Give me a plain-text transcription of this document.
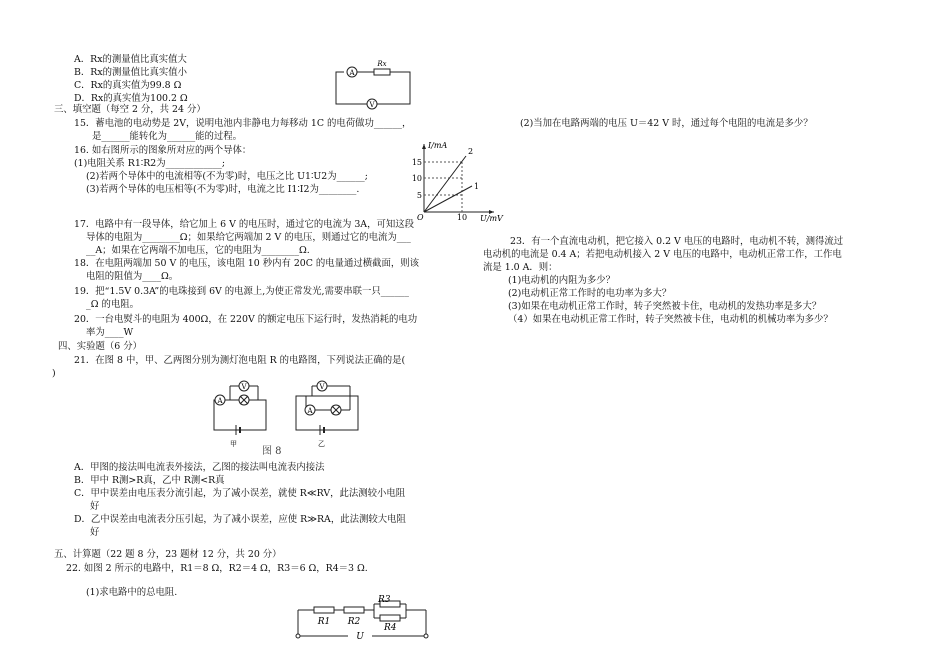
A．Rx的测量值比真实值大
B．Rx的测量值比真实值小
C．Rx的真实值为99.8 Ω
D．Rx的真实值为100.2 Ω
A
Rx
V
三、填空题（每空 2 分，共 24 分）
15．蓄电池的电动势是 2V，说明电池内非静电力每移动 1C 的电荷做功______，
是______能转化为______能的过程。
16. 如右图所示的图象所对应的两个导体：
(1)电阻关系 R1∶R2为____________;
(2)若两个导体中的电流相等(不为零)时，电压之比 U1∶U2为______;
(3)若两个导体的电压相等(不为零)时，电流之比 I1∶I2为________.
I/mA
U/mV
O
15
10
5
10
2
1
17．电路中有一段导体，给它加上 6 V 的电压时，通过它的电流为 3A，可知这段
导体的电阻为________Ω；如果给它两端加 2 V 的电压，则通过它的电流为___
__A；如果在它两端不加电压，它的电阻为________Ω.
18．在电阻两端加 50 V 的电压，该电阻 10 秒内有 20C 的电量通过横截面，则该
电阻的阻值为____Ω。
19．把“1.5V 0.3A”的电珠接到 6V 的电源上,为使正常发光,需要串联一只______
_Ω 的电阻。
20．一台电熨斗的电阻为 400Ω，在 220V 的额定电压下运行时，发热消耗的电功
率为____W
四、实验题（6 分）
21．在图 8 中，甲、乙两图分别为测灯泡电阻 R 的电路图，下列说法正确的是(
)
V
A
甲
V
A
乙
图 8
A．甲图的接法叫电流表外接法，乙图的接法叫电流表内接法
B．甲中 R测>R真，乙中 R测<R真
C．甲中误差由电压表分流引起，为了减小误差，就使 R≪RV，此法测较小电阻
好
D．乙中误差由电流表分压引起，为了减小误差，应使 R≫RA，此法测较大电阻
好
五、计算题（22 题 8 分，23 题材 12 分，共 20 分）
22. 如图 2 所示的电路中，R1＝8 Ω，R2＝4 Ω，R3＝6 Ω，R4＝3 Ω.
(1)求电路中的总电阻.
R1 R2
R3
R4
U
(2)当加在电路两端的电压 U＝42 V 时，通过每个电阻的电流是多少？
23．有一个直流电动机，把它接入 0.2 V 电压的电路时，电动机不转，测得流过
电动机的电流是 0.4 A；若把电动机接入 2 V 电压的电路中，电动机正常工作，工作电
流是 1.0 A．则：
(1)电动机的内阻为多少？
(2)电动机正常工作时的电功率为多大？
(3)如果在电动机正常工作时，转子突然被卡住，电动机的发热功率是多大？
（4）如果在电动机正常工作时，转子突然被卡住，电动机的机械功率为多少？
